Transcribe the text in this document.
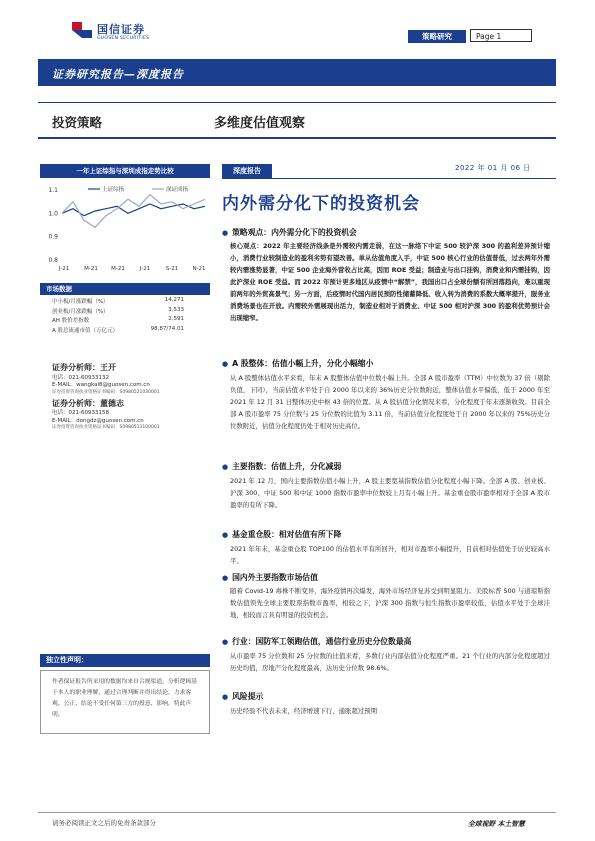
国信证券
GUOSEN SECURITIES	策略研究	Page 1
证券研究报告—深度报告
投资策略	多维度估值观察
一年上证综指与深圳成指走势比较
1.1
1.0
0.9
0.8
J-21	M-21 M-21	J-21	S-21	N-21
上证综指	深证成指
市场数据
中小板/月涨跌幅（%）	14,271
创业板/月涨跌幅（%）	3,533
AH 股价差指数	2,591
A 股总流通市值（万亿元）	98.87/74.01
证券分析师：王开
电话：021-60933132
E-MAIL：wangkai8@guosen.com.cn
证券投资咨询执业资格证书编码：S0980521030001
证券分析师：董德志
电话：021-60933158
E-MAIL：dongdz@guosen.com.cn
证券投资咨询执业资格证书编码：S0980513100001
独立性声明：
作者保证报告所采用的数据均来自合规渠道，分析逻辑基于本人的职业理解，通过合理判断并得出结论，力求客观、公正，结论不受任何第三方的授意、影响，特此声明。
深度报告	2022 年 01 月 06 日
内外需分化下的投资机会
● 策略观点：内外需分化下的投资机会
核心观点：2022 年主要经济线条是外需较内需走弱，在这一脉络下中证 500 较沪深 300 的盈利差异预计缩小，消费行业较制造业的盈利劣势有望改善。单从估值角度入手，中证 500 核心行业的估值普低，过去两年外需较内需涨势显著，中证 500 企业海外营收占比高，因而 ROE 受益；制造业与出口挂钩，消费业和内需挂钩，因此沪深业 ROE 受益。而 2022 年预计更多地区从疫情中“解禁”，我国出口占全球份额有所回落趋向，难以重现前两年的外贸高景气；另一方面，后疫情时代国内居民预防性储蓄降低、收入转为消费的系数大概率提升，服务业消费场景也在开放。内需较外需展现出活力，制造业相对于消费业、中证 500 相对沪深 300 的盈利优势预计会出现缩窄。
● A 股整体：估值小幅上升，分化小幅缩小
从 A 股整体估值水平来看，年末 A 股整体估值中位数小幅上升。全部 A 股市盈率（TTM）中位数为 37 倍（剔除负值，下同），当前估值水平处于自 2000 年以来的 36%历史分位数附近，整体估值水平偏低，低于 2000 年至 2021 年 12 月 31 日整体历史中枢 43 倍的位置。从 A 股估值分化情况来看，分化程度于年末逐渐收敛。目前全部 A 股市盈率 75 分位数与 25 分位数的比值为 3.11 倍，当前估值分化程度处于自 2000 年以来的 75%历史分位数附近，估值分化程度仍处于相对历史高位。
● 主要指数：估值上升，分化减弱
2021 年 12 月，国内主要指数估值小幅上升，A 股主要宽基指数估值分化程度小幅下降。全部 A 股、创业板、沪深 300、中证 500 和中证 1000 指数市盈率中位数较上月有小幅上升。基金重仓股市盈率相对于全部 A 股市盈率的有所下降。
● 基金重仓股：相对估值有所下降
2021 年年末，基金重仓股 TOP100 的估值水平有所回升，相对市盈率小幅提升，目前相对估值处于历史较高水平。
● 国内外主要指数市场估值
随着 Covid-19 毒株不断变异，海外疫情再次爆发，海外市场经济复苏受到明显阻力。美股标普 500 与道琼斯指数估值领先全球主要股票指数市盈率，相较之下，沪深 300 指数与恒生指数市盈率较低，估值水平处于全球洼地，相较而言具有明显的投资机会。
● 行业：国防军工领跑估值，通信行业历史分位数最高
从市盈率 75 分位数和 25 分位数的比值来看，多数行业内部估值分化程度严重。21 个行业的内部分化程度超过历史均值，房地产分化程度最高，达历史分位数 98.6%。
● 风险提示
历史经验不代表未来，经济增速下行，通胀超过预期
请务必阅读正文之后的免责条款部分	全球视野 本土智慧
